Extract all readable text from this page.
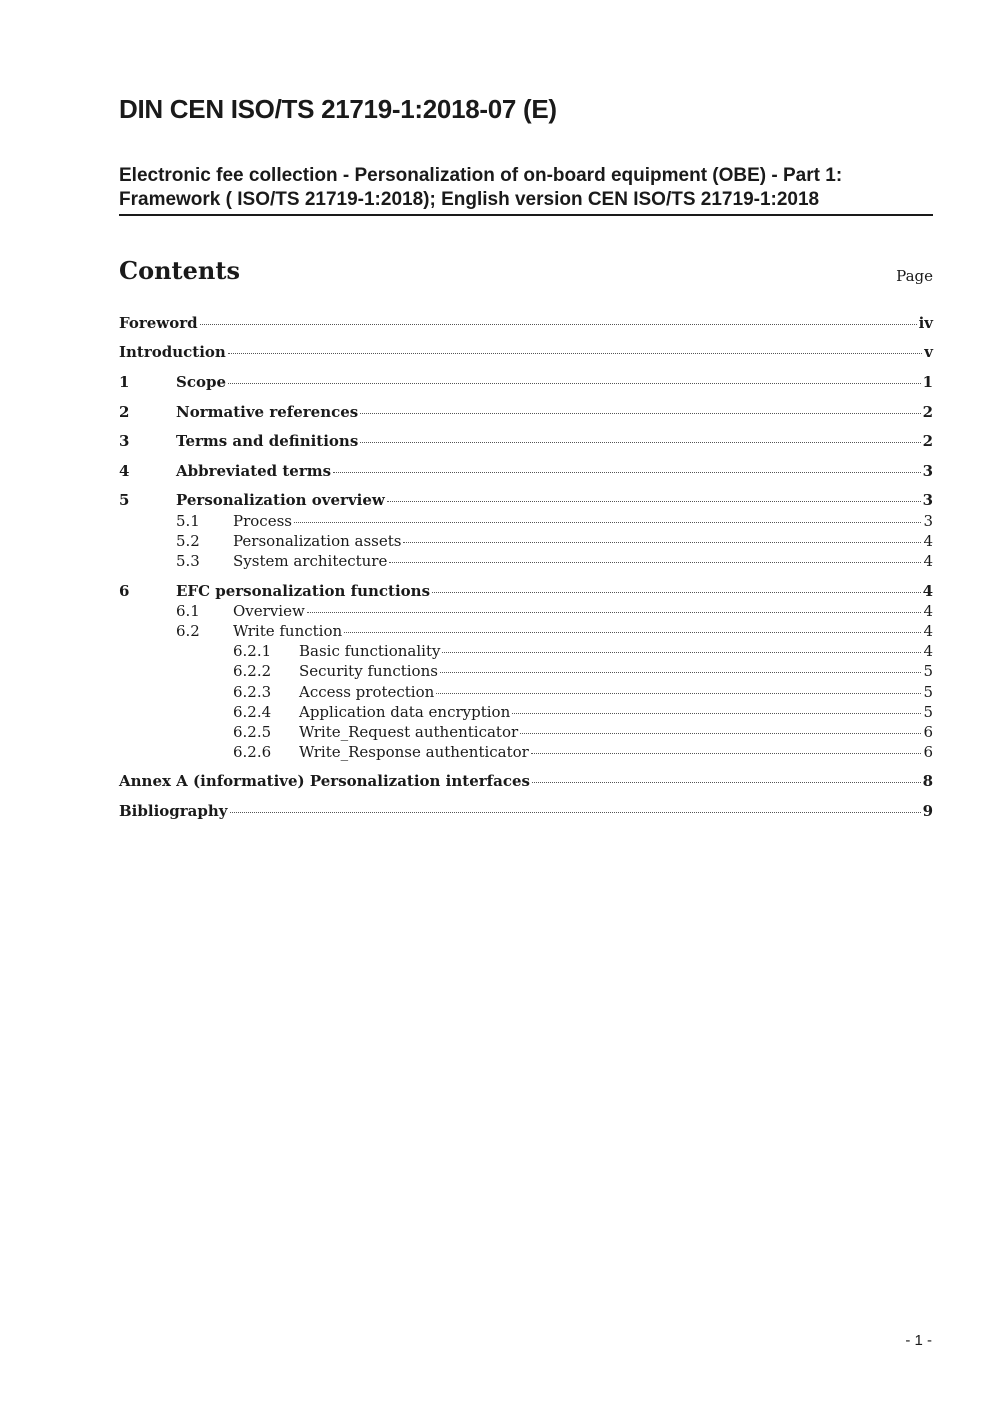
DIN CEN ISO/TS 21719-1:2018-07 (E)
Electronic fee collection - Personalization of on-board equipment (OBE) - Part 1:
Framework ( ISO/TS 21719-1:2018); English version CEN ISO/TS 21719-1:2018
Contents	Page
Foreword	iv
Introduction	v
1	Scope	1
2	Normative references	2
3	Terms and definitions	2
4	Abbreviated terms	3
5	Personalization overview	3
5.1	Process	3
5.2	Personalization assets	4
5.3	System architecture	4
6	EFC personalization functions	4
6.1	Overview	4
6.2	Write function	4
6.2.1	Basic functionality	4
6.2.2	Security functions	5
6.2.3	Access protection	5
6.2.4	Application data encryption	5
6.2.5	Write_Request authenticator	6
6.2.6	Write_Response authenticator	6
Annex A (informative) Personalization interfaces	8
Bibliography	9
- 1 -
